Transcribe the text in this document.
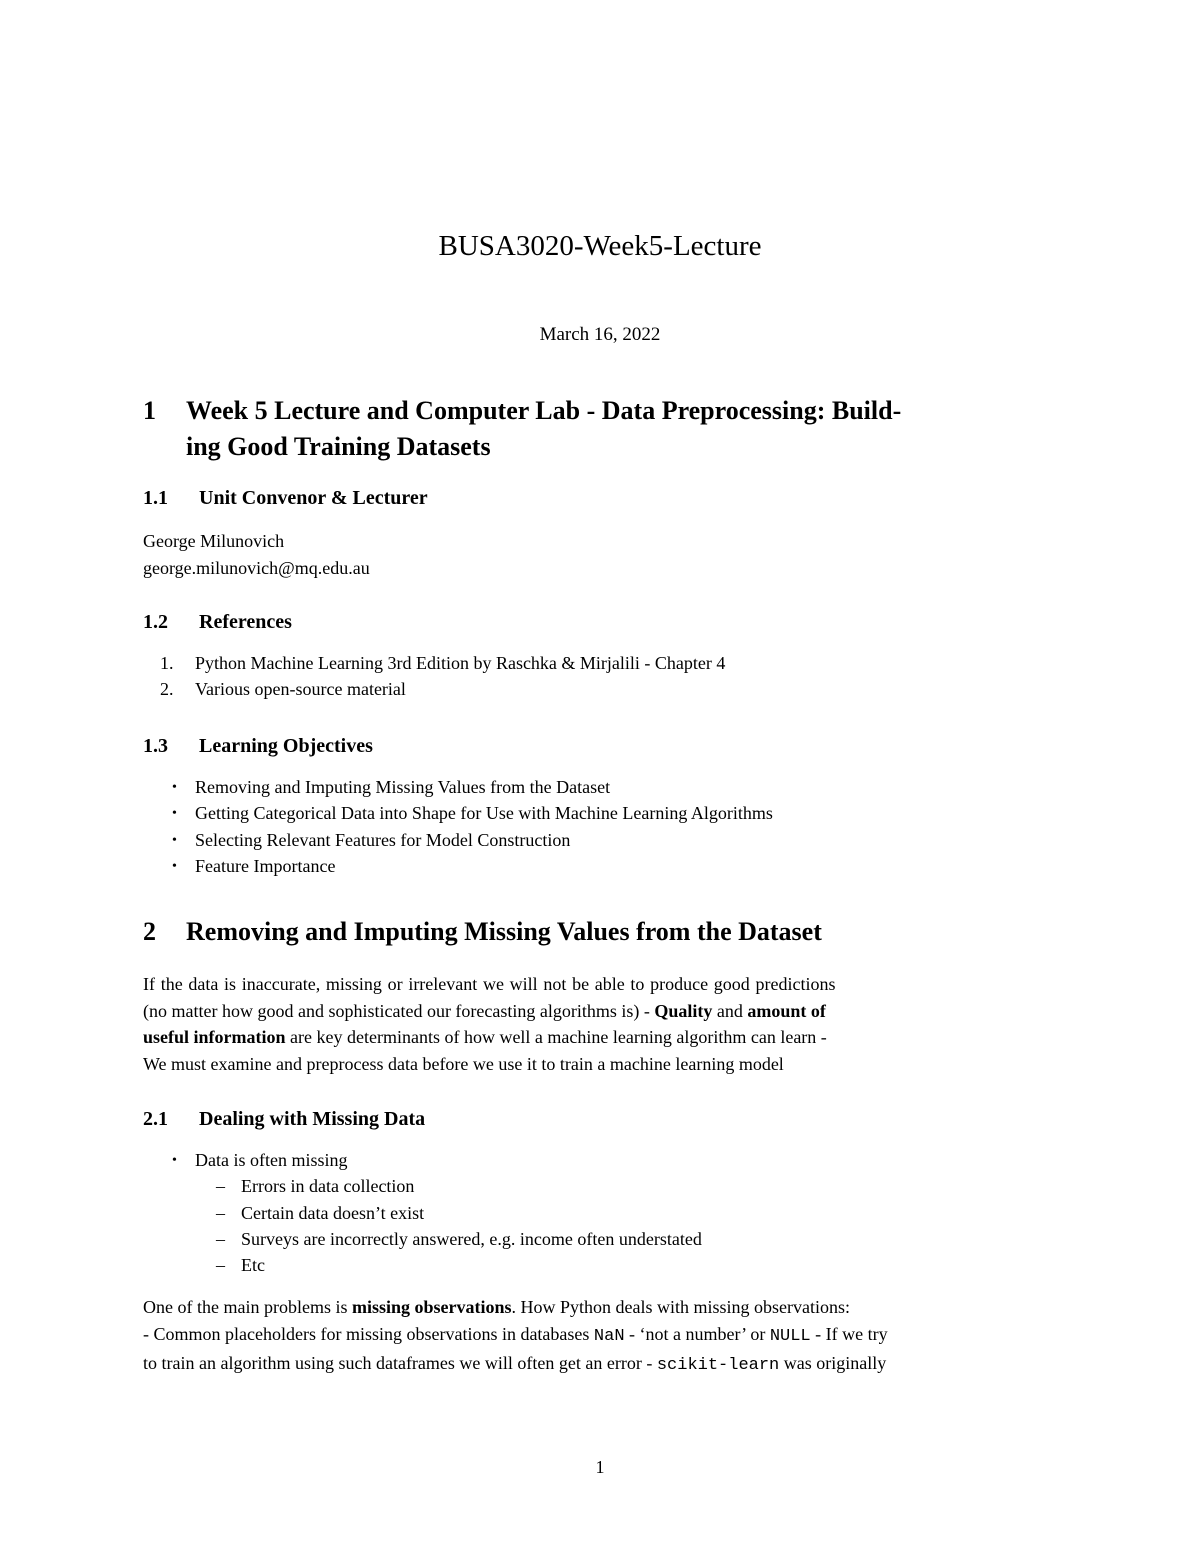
BUSA3020-Week5-Lecture
March 16, 2022
1 Week 5 Lecture and Computer Lab - Data Preprocessing: Build-
ing Good Training Datasets
1.1 Unit Convenor & Lecturer
George Milunovich
george.milunovich@mq.edu.au
1.2 References
1.	Python Machine Learning 3rd Edition by Raschka & Mirjalili - Chapter 4
2.	Various open-source material
1.3 Learning Objectives
•	Removing and Imputing Missing Values from the Dataset
•	Getting Categorical Data into Shape for Use with Machine Learning Algorithms
•	Selecting Relevant Features for Model Construction
•	Feature Importance
2 Removing and Imputing Missing Values from the Dataset
If the data is inaccurate, missing or irrelevant we will not be able to produce good predictions
(no matter how good and sophisticated our forecasting algorithms is) - Quality and amount of
useful information are key determinants of how well a machine learning algorithm can learn -
We must examine and preprocess data before we use it to train a machine learning model
2.1 Dealing with Missing Data
•	Data is often missing
– Errors in data collection
– Certain data doesn’t exist
– Surveys are incorrectly answered, e.g. income often understated
– Etc
One of the main problems is missing observations. How Python deals with missing observations:
- Common placeholders for missing observations in databases NaN - ‘not a number’ or NULL - If we try
to train an algorithm using such dataframes we will often get an error - scikit-learn was originally
1
